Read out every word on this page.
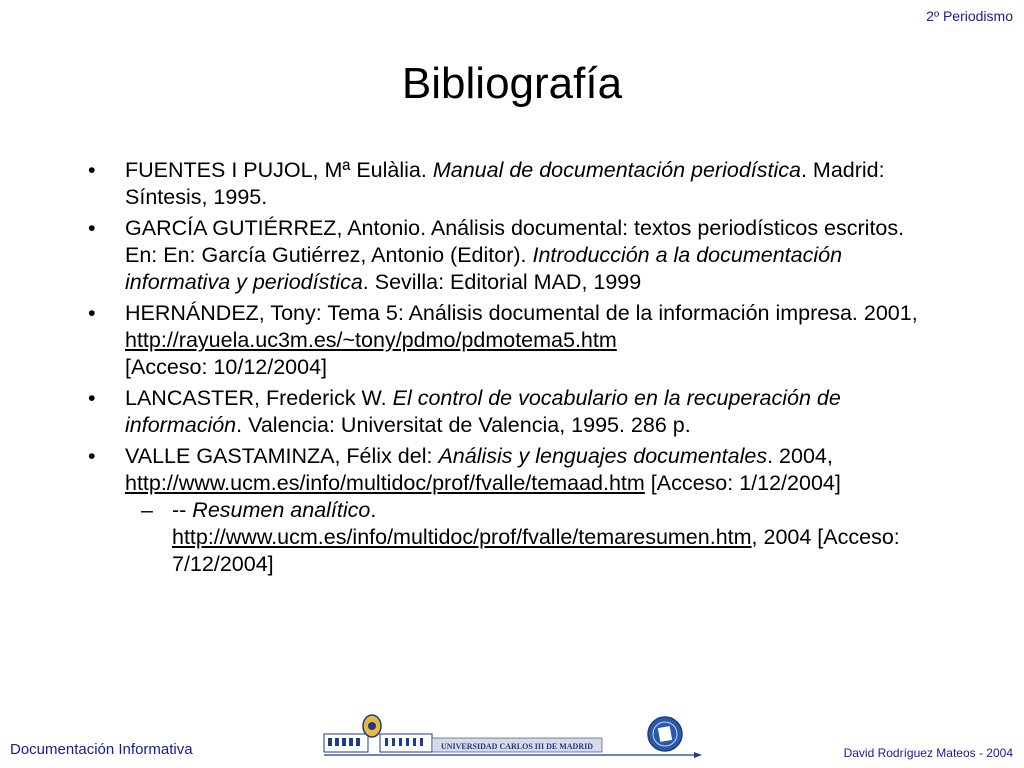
2º Periodismo
Bibliografía
• FUENTES I PUJOL, Mª Eulàlia. Manual de documentación periodística. Madrid: Síntesis, 1995.
• GARCÍA GUTIÉRREZ, Antonio. Análisis documental: textos periodísticos escritos. En: En: García Gutiérrez, Antonio (Editor). Introducción a la documentación informativa y periodística. Sevilla: Editorial MAD, 1999
• HERNÁNDEZ, Tony: Tema 5: Análisis documental de la información impresa. 2001, http://rayuela.uc3m.es/~tony/pdmo/pdmotema5.htm
[Acceso: 10/12/2004]
• LANCASTER, Frederick W. El control de vocabulario en la recuperación de información. Valencia: Universitat de Valencia, 1995. 286 p.
• VALLE GASTAMINZA, Félix del: Análisis y lenguajes documentales. 2004, http://www.ucm.es/info/multidoc/prof/fvalle/temaad.htm [Acceso: 1/12/2004]
– -- Resumen analítico.
http://www.ucm.es/info/multidoc/prof/fvalle/temaresumen.htm, 2004 [Acceso: 7/12/2004]
Documentación Informativa	UNIVERSIDAD CARLOS III DE MADRID	David Rodríguez Mateos - 2004
